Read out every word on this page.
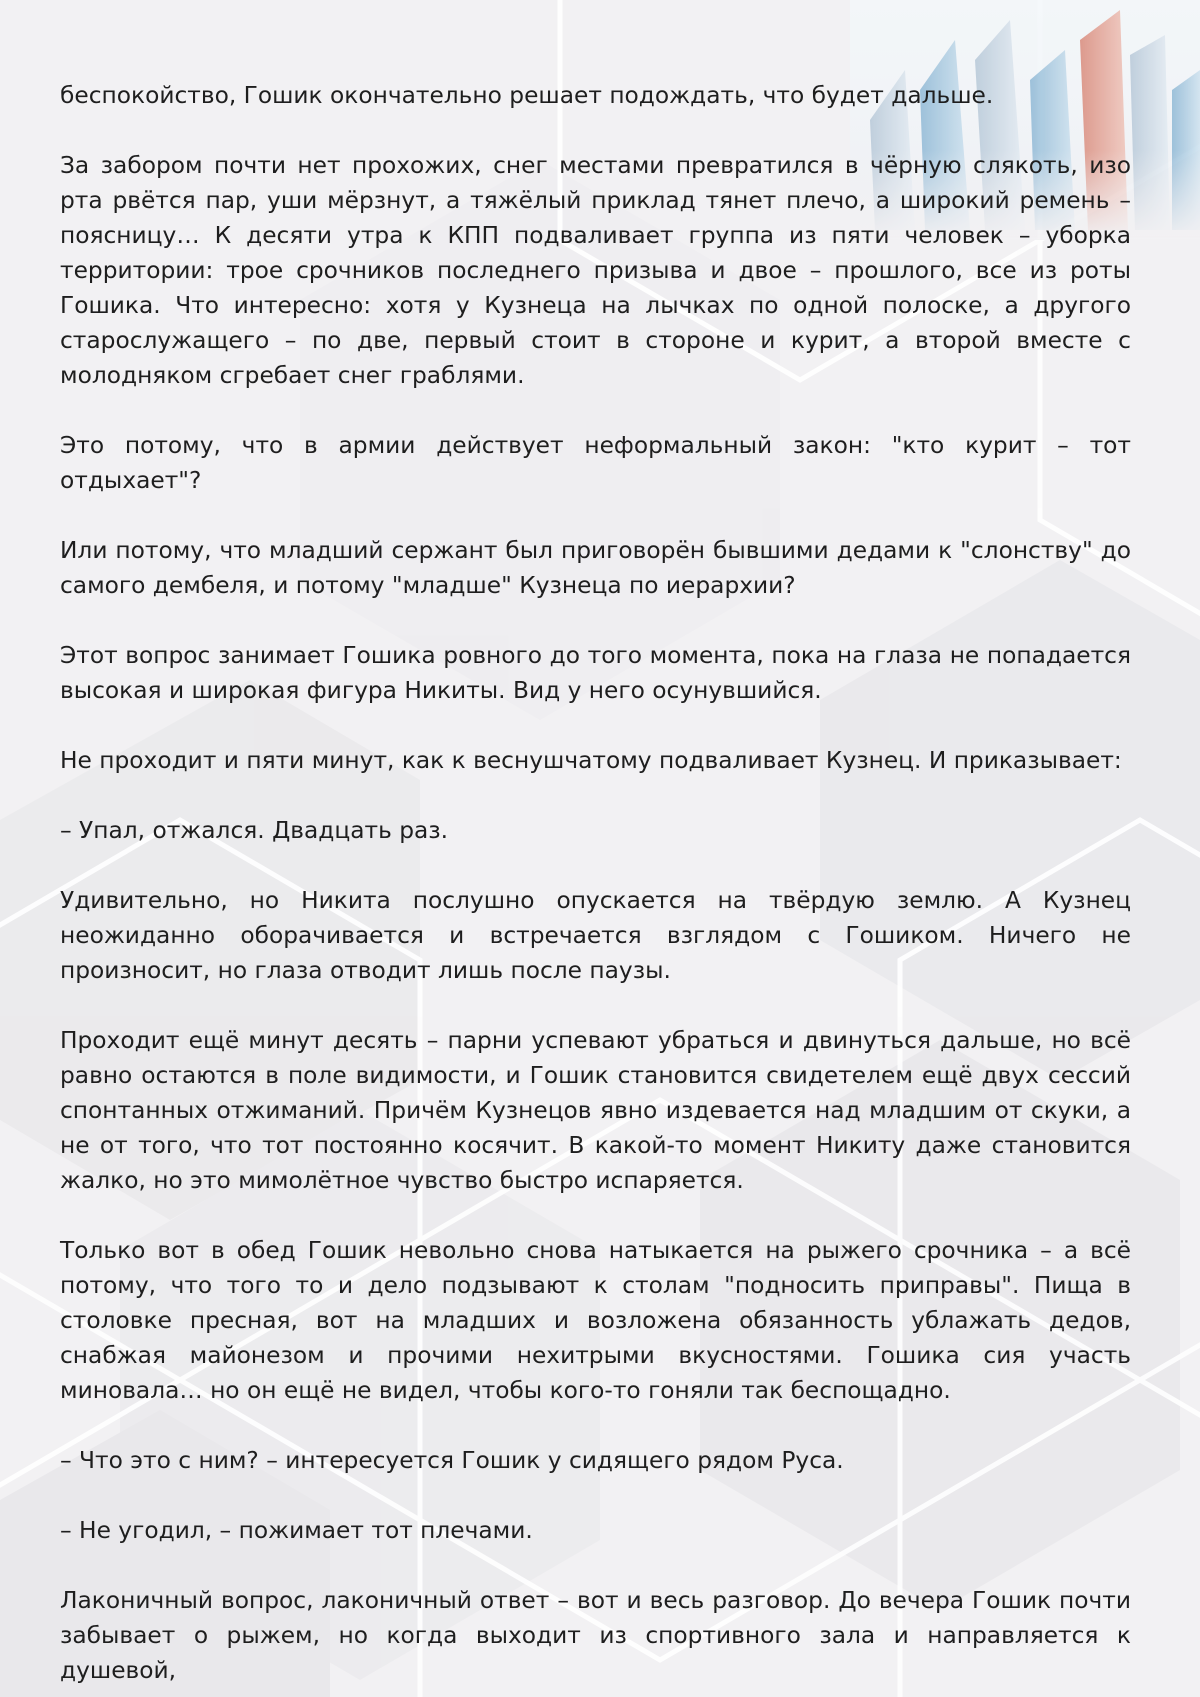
беспокойство, Гошик окончательно решает подождать, что будет дальше.

За забором почти нет прохожих, снег местами превратился в чёрную слякоть, изо рта рвётся пар, уши мёрзнут, а тяжёлый приклад тянет плечо, а широкий ремень – поясницу… К десяти утра к КПП подваливает группа из пяти человек – уборка территории: трое срочников последнего призыва и двое – прошлого, все из роты Гошика. Что интересно: хотя у Кузнеца на лычках по одной полоске, а другого старослужащего – по две, первый стоит в стороне и курит, а второй вместе с молодняком сгребает снег граблями.

Это потому, что в армии действует неформальный закон: "кто курит – тот отдыхает"?

Или потому, что младший сержант был приговорён бывшими дедами к "слонству" до самого дембеля, и потому "младше" Кузнеца по иерархии?

Этот вопрос занимает Гошика ровного до того момента, пока на глаза не попадается высокая и широкая фигура Никиты. Вид у него осунувшийся.

Не проходит и пяти минут, как к веснушчатому подваливает Кузнец. И приказывает:

– Упал, отжался. Двадцать раз.

Удивительно, но Никита послушно опускается на твёрдую землю. А Кузнец неожиданно оборачивается и встречается взглядом с Гошиком. Ничего не произносит, но глаза отводит лишь после паузы.

Проходит ещё минут десять – парни успевают убраться и двинуться дальше, но всё равно остаются в поле видимости, и Гошик становится свидетелем ещё двух сессий спонтанных отжиманий. Причём Кузнецов явно издевается над младшим от скуки, а не от того, что тот постоянно косячит. В какой-то момент Никиту даже становится жалко, но это мимолётное чувство быстро испаряется.

Только вот в обед Гошик невольно снова натыкается на рыжего срочника – а всё потому, что того то и дело подзывают к столам "подносить приправы". Пища в столовке пресная, вот на младших и возложена обязанность ублажать дедов, снабжая майонезом и прочими нехитрыми вкусностями. Гошика сия участь миновала… но он ещё не видел, чтобы кого-то гоняли так беспощадно.

– Что это с ним? – интересуется Гошик у сидящего рядом Руса.

– Не угодил, – пожимает тот плечами.

Лаконичный вопрос, лаконичный ответ – вот и весь разговор. До вечера Гошик почти забывает о рыжем, но когда выходит из спортивного зала и направляется к душевой,
